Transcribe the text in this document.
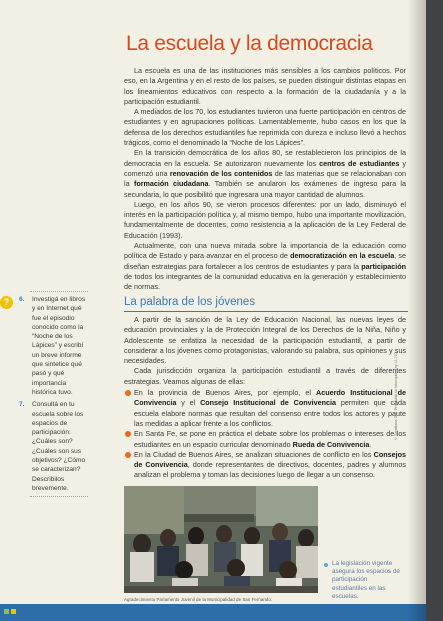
La escuela y la democracia

La escuela es una de las instituciones más sensibles a los cambios políticos. Por eso, en la Argentina y en el resto de los países, se pueden distinguir distintas etapas en los lineamientos educativos con respecto a la formación de la ciudadanía y a la participación estudiantil.

A mediados de los 70, los estudiantes tuvieron una fuerte participación en centros de estudiantes y en agrupaciones políticas. Lamentablemente, hubo casos en los que la defensa de los derechos estudiantiles fue reprimida con dureza e incluso llevó a hechos trágicos, como el denominado la “Noche de los Lápices”.

En la transición democrática de los años 80, se restablecieron los principios de la democracia en la escuela. Se autorizaron nuevamente los centros de estudiantes y comenzó una renovación de los contenidos de las materias que se relacionaban con la formación ciudadana. También se anularon los exámenes de ingreso para la secundaria, lo que posibilitó que ingresara una mayor cantidad de alumnos.

Luego, en los años 90, se vieron procesos diferentes: por un lado, disminuyó el interés en la participación política y, al mismo tiempo, hubo una importante movilización, fundamentalmente de docentes, como resistencia a la aplicación de la Ley Federal de Educación (1993).

Actualmente, con una nueva mirada sobre la importancia de la educación como política de Estado y para avanzar en el proceso de democratización en la escuela, se diseñan estrategias para fortalecer a los centros de estudiantes y para la participación de todos los integrantes de la comunidad educativa en la generación y establecimiento de normas.

La palabra de los jóvenes

A partir de la sanción de la Ley de Educación Nacional, las nuevas leyes de educación provinciales y la de Protección Integral de los Derechos de la Niña, Niño y Adolescente se enfatiza la necesidad de la participación estudiantil, a partir de considerar a los jóvenes como protagonistas, valorando su palabra, sus opiniones y sus necesidades.

Cada jurisdicción organiza la participación estudiantil a través de diferentes estrategias. Veamos algunas de ellas:

En la provincia de Buenos Aires, por ejemplo, el Acuerdo Institucional de Convivencia y el Consejo Institucional de Convivencia permiten que cada escuela elabore normas que resultan del consenso entre todos los actores y paute las medidas a aplicar frente a los conflictos.
En Santa Fe, se pone en práctica el debate sobre los problemas o intereses de los estudiantes en un espacio curricular denominado Rueda de Convivencia.
En la Ciudad de Buenos Aires, se analizan situaciones de conflicto en los Consejos de Convivencia, donde representantes de directivos, docentes, padres y alumnos analizan el problema y toman las decisiones luego de llegar a un consenso.
?	6. Investigá en libros y en Internet qué fue el episodio conocido como la “Noche de los Lápices” y escribí un breve informe que sintetice qué pasó y qué importancia histórica tuvo.
7. Consultá en tu escuela sobre los espacios de participación: ¿Cuáles son? ¿Cuáles son sus objetivos? ¿Cómo se caracterizan? Describilos brevemente.

Agradecimiento Parlamento Juvenil de la Municipalidad de San Fernando.

La legislación vigente asegura los espacios de participación estudiantiles en las escuelas.

© Santillana S.A. Prohibida su fotocopia. Ley 11.723
